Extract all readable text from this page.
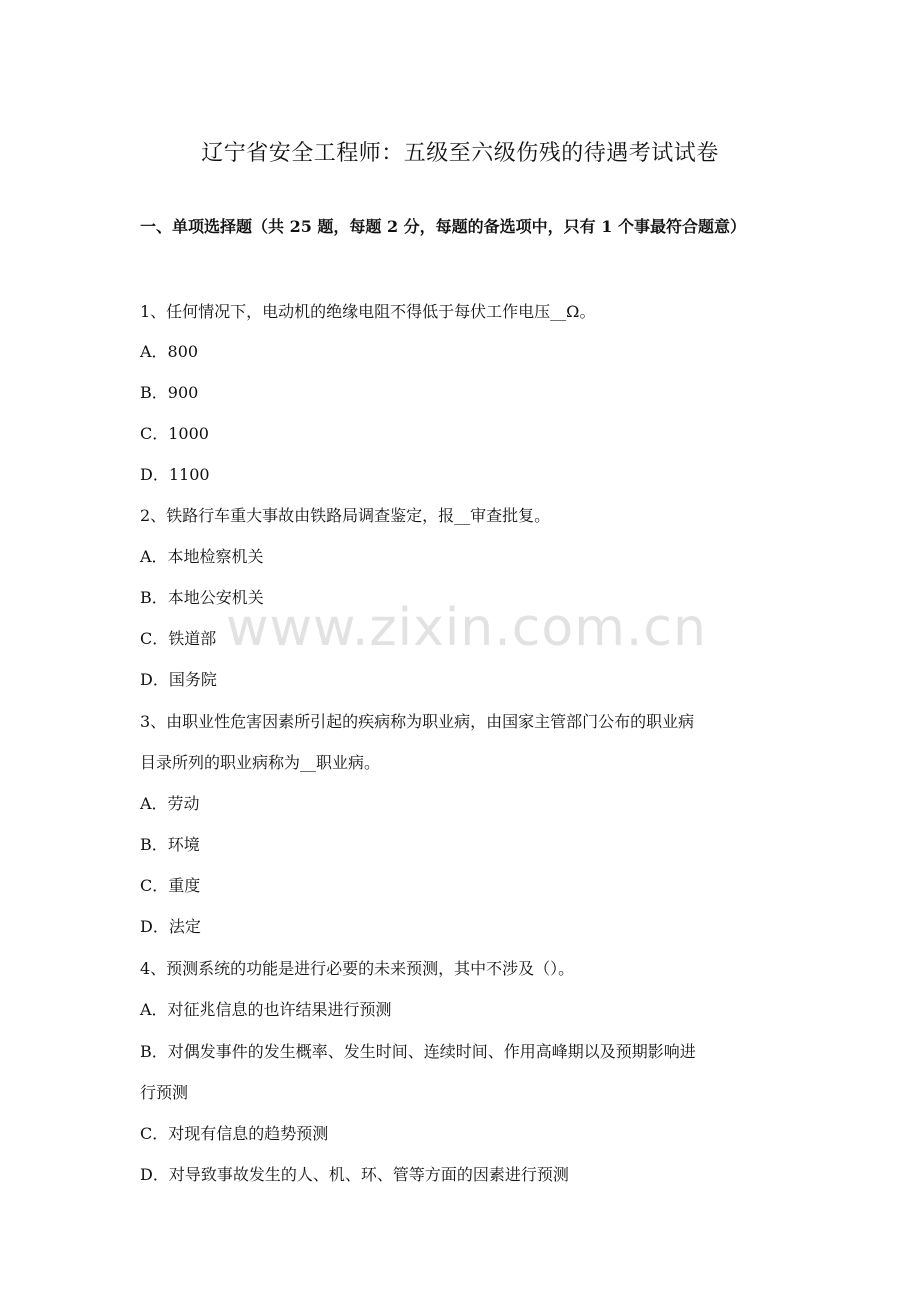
辽宁省安全工程师：五级至六级伤残的待遇考试试卷
一、单项选择题（共 25 题，每题 2 分，每题的备选项中，只有 1 个事最符合题意）
1、任何情况下，电动机的绝缘电阻不得低于每伏工作电压__Ω。
A．800
B．900
C．1000
D．1100
2、铁路行车重大事故由铁路局调查鉴定，报__审查批复。
A．本地检察机关
B．本地公安机关
C．铁道部
D．国务院
3、由职业性危害因素所引起的疾病称为职业病，由国家主管部门公布的职业病
目录所列的职业病称为__职业病。
A．劳动
B．环境
C．重度
D．法定
4、预测系统的功能是进行必要的未来预测，其中不涉及（）。
A．对征兆信息的也许结果进行预测
B．对偶发事件的发生概率、发生时间、连续时间、作用高峰期以及预期影响进
行预测
C．对现有信息的趋势预测
D．对导致事故发生的人、机、环、管等方面的因素进行预测
www.zixin.com.cn
